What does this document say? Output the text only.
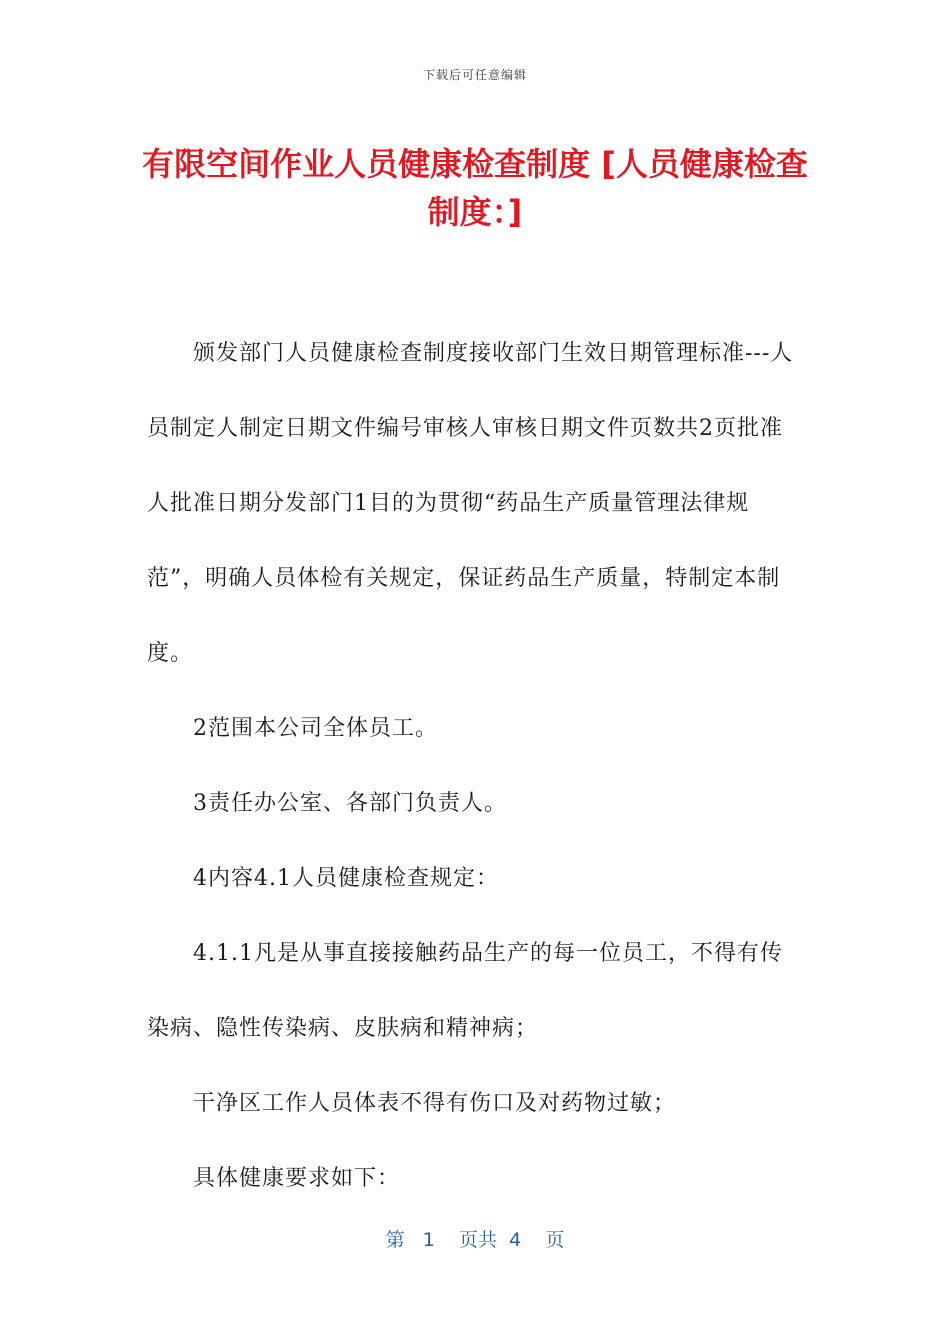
下载后可任意编辑
有限空间作业人员健康检查制度 [人员健康检查制度：]

颁发部门人员健康检查制度接收部门生效日期管理标准---人员制定人制定日期文件编号审核人审核日期文件页数共2页批准人批准日期分发部门1目的为贯彻“药品生产质量管理法律规范”，明确人员体检有关规定，保证药品生产质量，特制定本制度。

2范围本公司全体员工。

3责任办公室、各部门负责人。

4内容4.1人员健康检查规定：

4.1.1凡是从事直接接触药品生产的每一位员工，不得有传染病、隐性传染病、皮肤病和精神病；

干净区工作人员体表不得有伤口及对药物过敏；

具体健康要求如下：

第 1 页共 4 页
